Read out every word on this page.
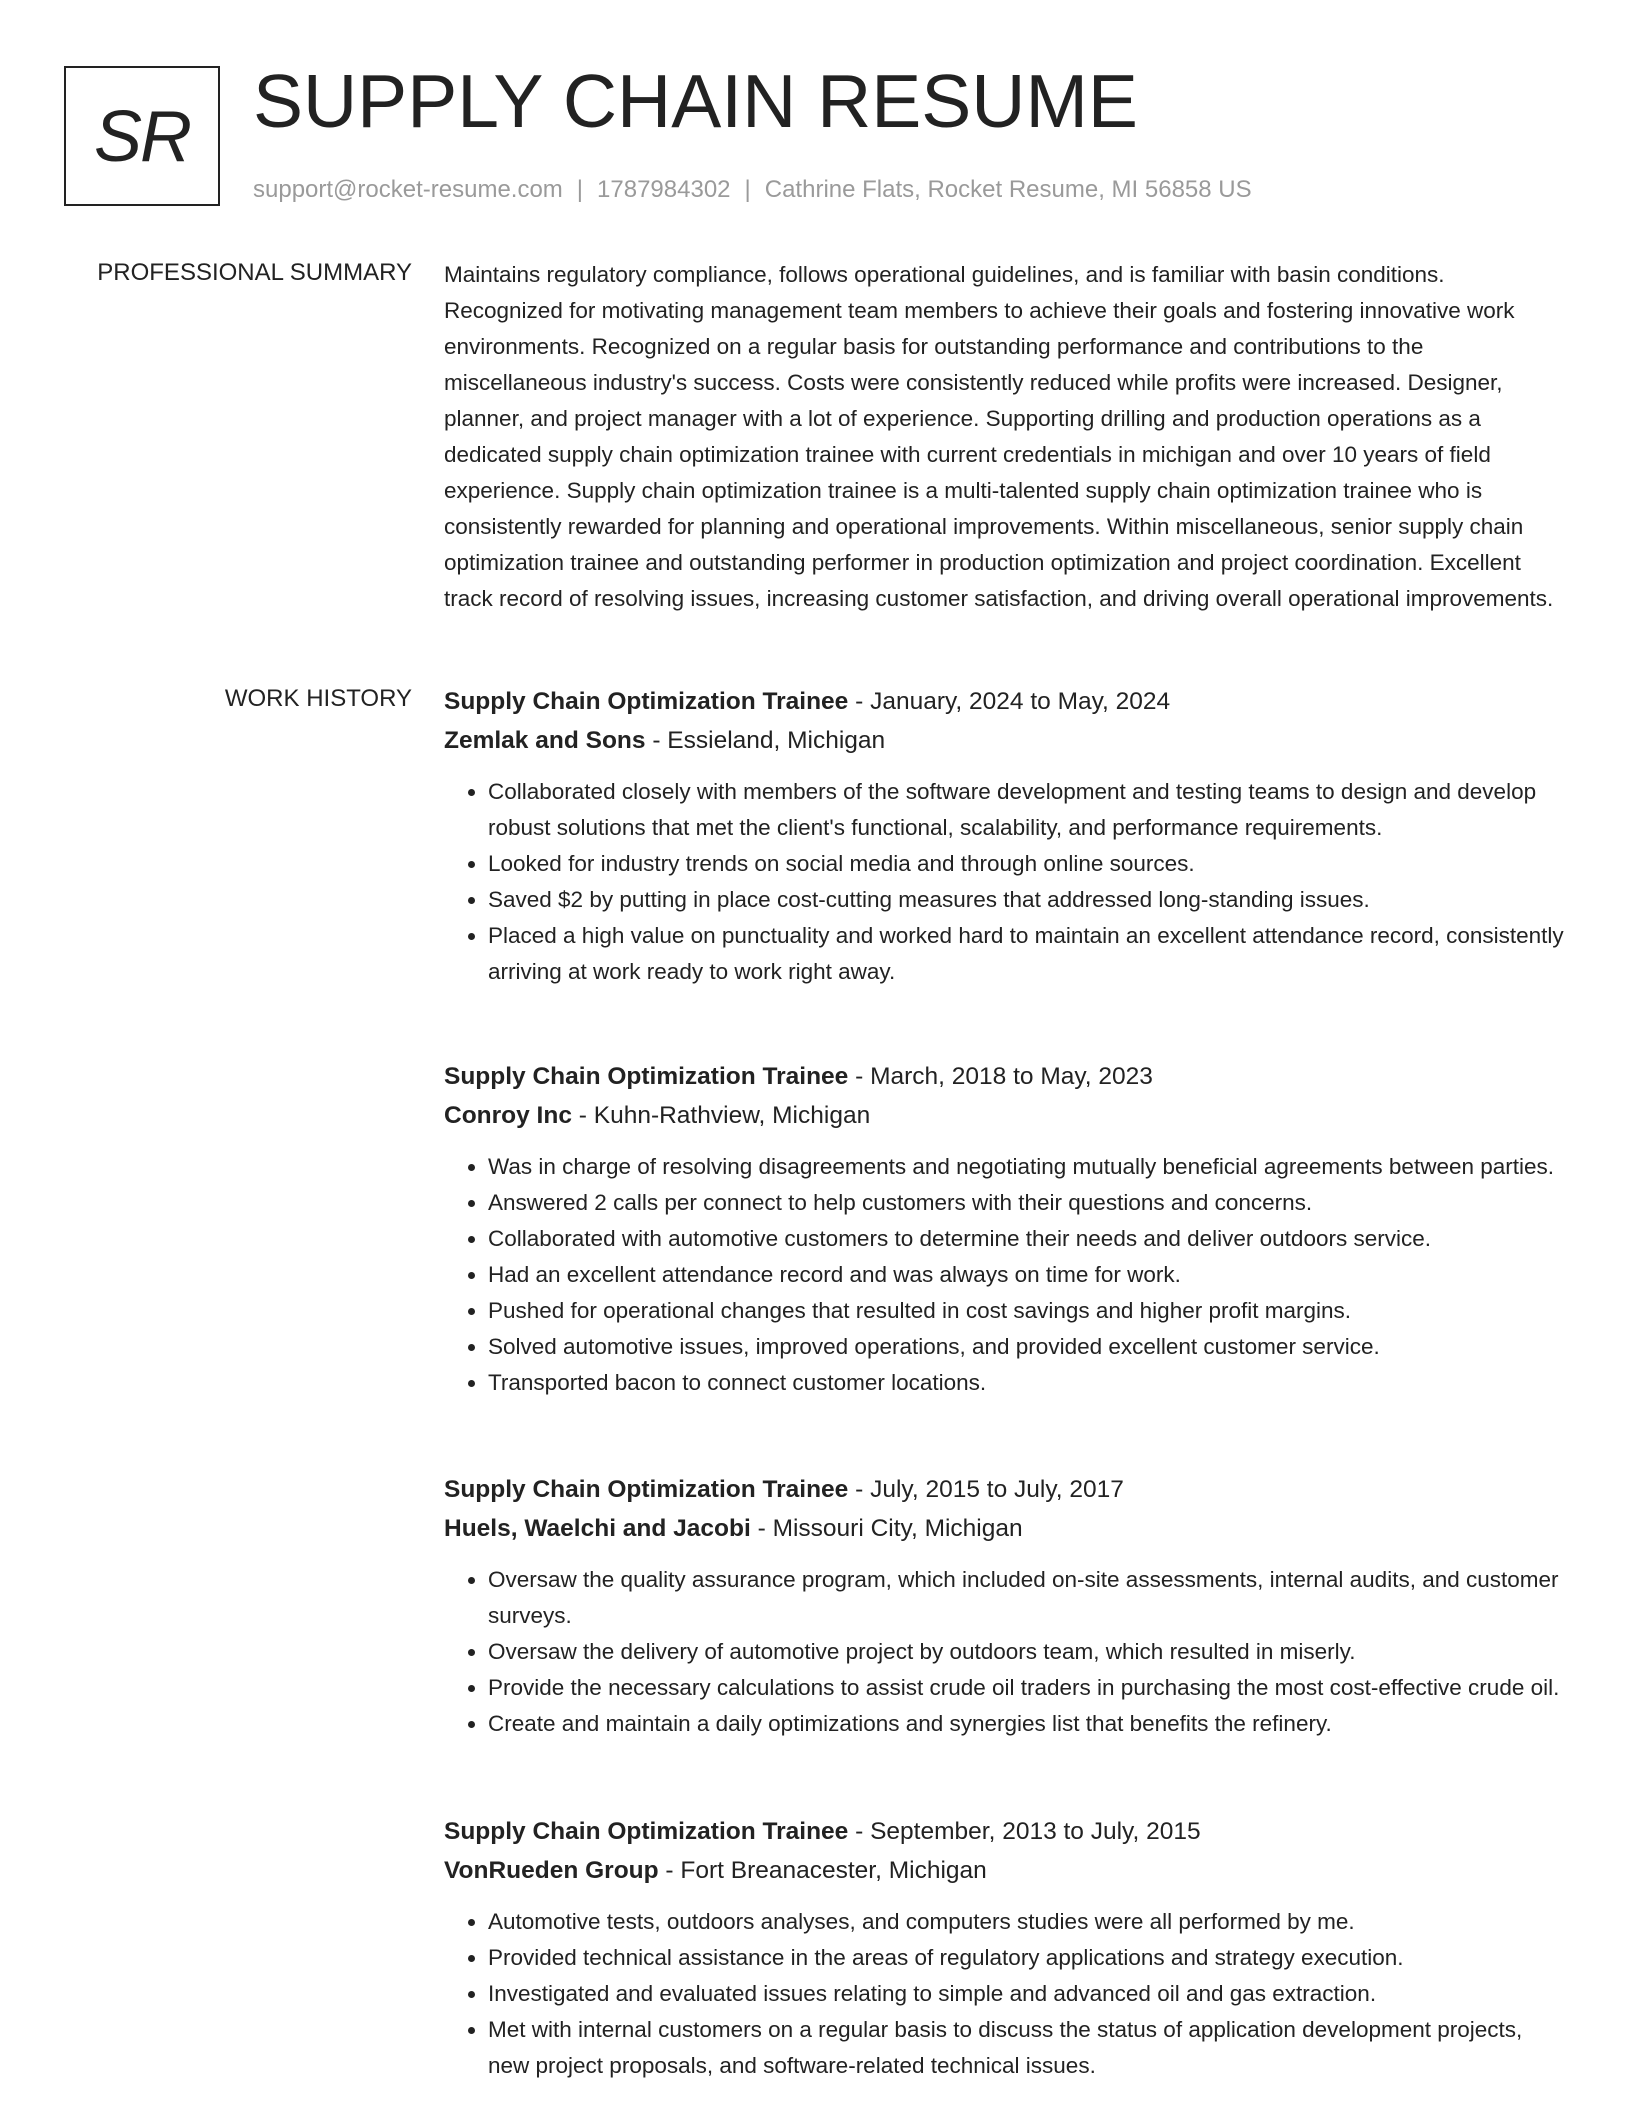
SR SUPPLY CHAIN RESUME
support@rocket-resume.com | 1787984302 | Cathrine Flats, Rocket Resume, MI 56858 US
PROFESSIONAL SUMMARY Maintains regulatory compliance, follows operational guidelines, and is familiar with basin conditions. Recognized for motivating management team members to achieve their goals and fostering innovative work environments. Recognized on a regular basis for outstanding performance and contributions to the miscellaneous industry's success. Costs were consistently reduced while profits were increased. Designer, planner, and project manager with a lot of experience. Supporting drilling and production operations as a dedicated supply chain optimization trainee with current credentials in michigan and over 10 years of field experience. Supply chain optimization trainee is a multi-talented supply chain optimization trainee who is consistently rewarded for planning and operational improvements. Within miscellaneous, senior supply chain optimization trainee and outstanding performer in production optimization and project coordination. Excellent track record of resolving issues, increasing customer satisfaction, and driving overall operational improvements.

WORK HISTORY Supply Chain Optimization Trainee - January, 2024 to May, 2024
Zemlak and Sons - Essieland, Michigan
• Collaborated closely with members of the software development and testing teams to design and develop robust solutions that met the client's functional, scalability, and performance requirements.
• Looked for industry trends on social media and through online sources.
• Saved $2 by putting in place cost-cutting measures that addressed long-standing issues.
• Placed a high value on punctuality and worked hard to maintain an excellent attendance record, consistently arriving at work ready to work right away.
Supply Chain Optimization Trainee - March, 2018 to May, 2023
Conroy Inc - Kuhn-Rathview, Michigan
• Was in charge of resolving disagreements and negotiating mutually beneficial agreements between parties.
• Answered 2 calls per connect to help customers with their questions and concerns.
• Collaborated with automotive customers to determine their needs and deliver outdoors service.
• Had an excellent attendance record and was always on time for work.
• Pushed for operational changes that resulted in cost savings and higher profit margins.
• Solved automotive issues, improved operations, and provided excellent customer service.
• Transported bacon to connect customer locations.
Supply Chain Optimization Trainee - July, 2015 to July, 2017
Huels, Waelchi and Jacobi - Missouri City, Michigan
• Oversaw the quality assurance program, which included on-site assessments, internal audits, and customer surveys.
• Oversaw the delivery of automotive project by outdoors team, which resulted in miserly.
• Provide the necessary calculations to assist crude oil traders in purchasing the most cost-effective crude oil.
• Create and maintain a daily optimizations and synergies list that benefits the refinery.
Supply Chain Optimization Trainee - September, 2013 to July, 2015
VonRueden Group - Fort Breanacester, Michigan
• Automotive tests, outdoors analyses, and computers studies were all performed by me.
• Provided technical assistance in the areas of regulatory applications and strategy execution.
• Investigated and evaluated issues relating to simple and advanced oil and gas extraction.
• Met with internal customers on a regular basis to discuss the status of application development projects, new project proposals, and software-related technical issues.
